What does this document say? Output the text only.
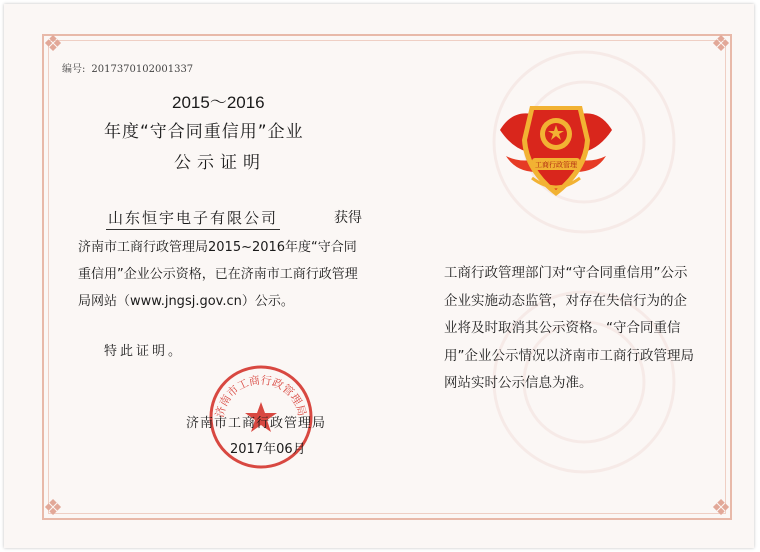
❖	❖
❖	❖
编号: 2017370102001337
2015～2016
年度“守合同重信用”企业
公示证明
山东恒宇电子有限公司	获得
济南市工商行政管理局2015~2016年度“守合同重信用”企业公示资格，已在济南市工商行政管理局网站（www.jngsj.gov.cn）公示。
特此证明。
济南市工商行政管理局
济南市工商行政管理局
2017年06月
工商行政管理
工商行政管理部门对“守合同重信用”公示企业实施动态监管，对存在失信行为的企业将及时取消其公示资格。“守合同重信用”企业公示情况以济南市工商行政管理局网站实时公示信息为准。
